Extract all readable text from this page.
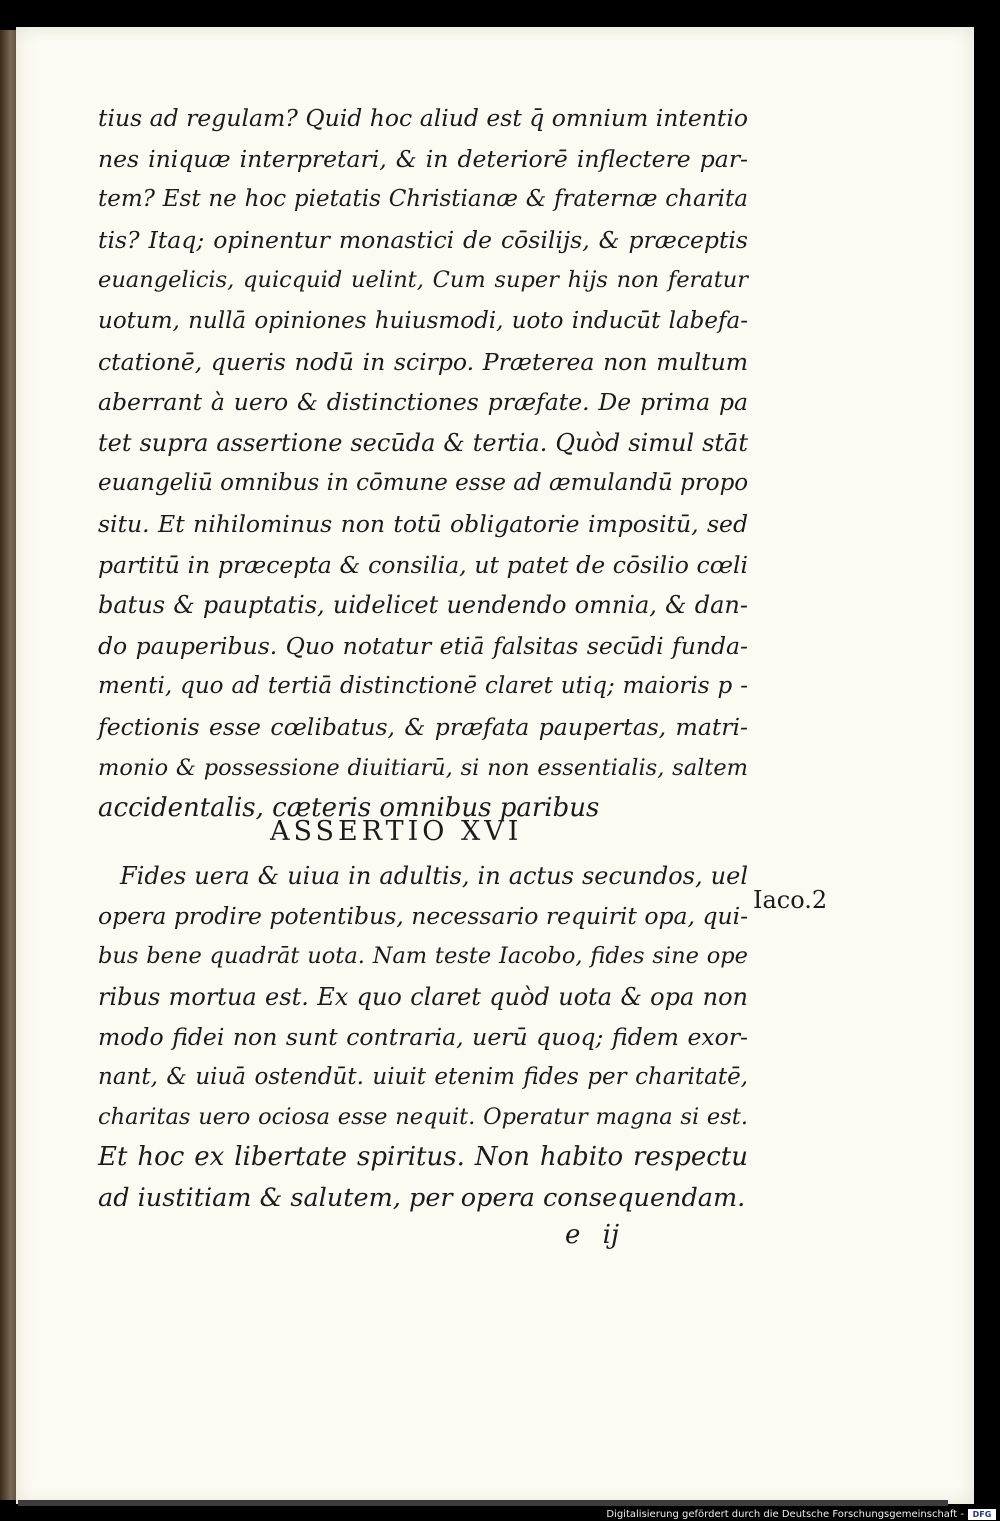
ASSERTIO XVI
Iaco.2
e ij
Digitalisierung gefördert durch die Deutsche Forschungsgemeinschaft -	DFG
tius ad regulam? Quid hoc aliud est q̄ omnium intentio
nes iniquæ interpretari, & in deteriorē inflectere par-
tem? Est ne hoc pietatis Christianæ & fraternæ charita
tis? Itaq; opinentur monastici de cōsilijs, & præceptis
euangelicis, quicquid uelint, Cum super hijs non feratur
uotum, nullā opiniones huiusmodi, uoto inducūt labefa-
ctationē, queris nodū in scirpo. Præterea non multum
aberrant à uero & distinctiones præfate. De prima pa
tet supra assertione secūda & tertia. Quòd simul stāt
euangeliū omnibus in cōmune esse ad æmulandū propo
situ. Et nihilominus non totū obligatorie impositū, sed
partitū in præcepta & consilia, ut patet de cōsilio cœli
batus & pauptatis, uidelicet uendendo omnia, & dan-
do pauperibus. Quo notatur etiā falsitas secūdi funda-
menti, quo ad tertiā distinctionē claret utiq; maioris p -
fectionis esse cœlibatus, & præfata paupertas, matri-
monio & possessione diuitiarū, si non essentialis, saltem
accidentalis, cæteris omnibus paribus
Fides uera & uiua in adultis, in actus secundos, uel
opera prodire potentibus, necessario requirit opa, qui-
bus bene quadrāt uota. Nam teste Iacobo, fides sine ope
ribus mortua est. Ex quo claret quòd uota & opa non
modo fidei non sunt contraria, uerū quoq; fidem exor-
nant, & uiuā ostendūt. uiuit etenim fides per charitatē,
charitas uero ociosa esse nequit. Operatur magna si est.
Et hoc ex libertate spiritus. Non habito respectu
ad iustitiam & salutem, per opera consequendam.
